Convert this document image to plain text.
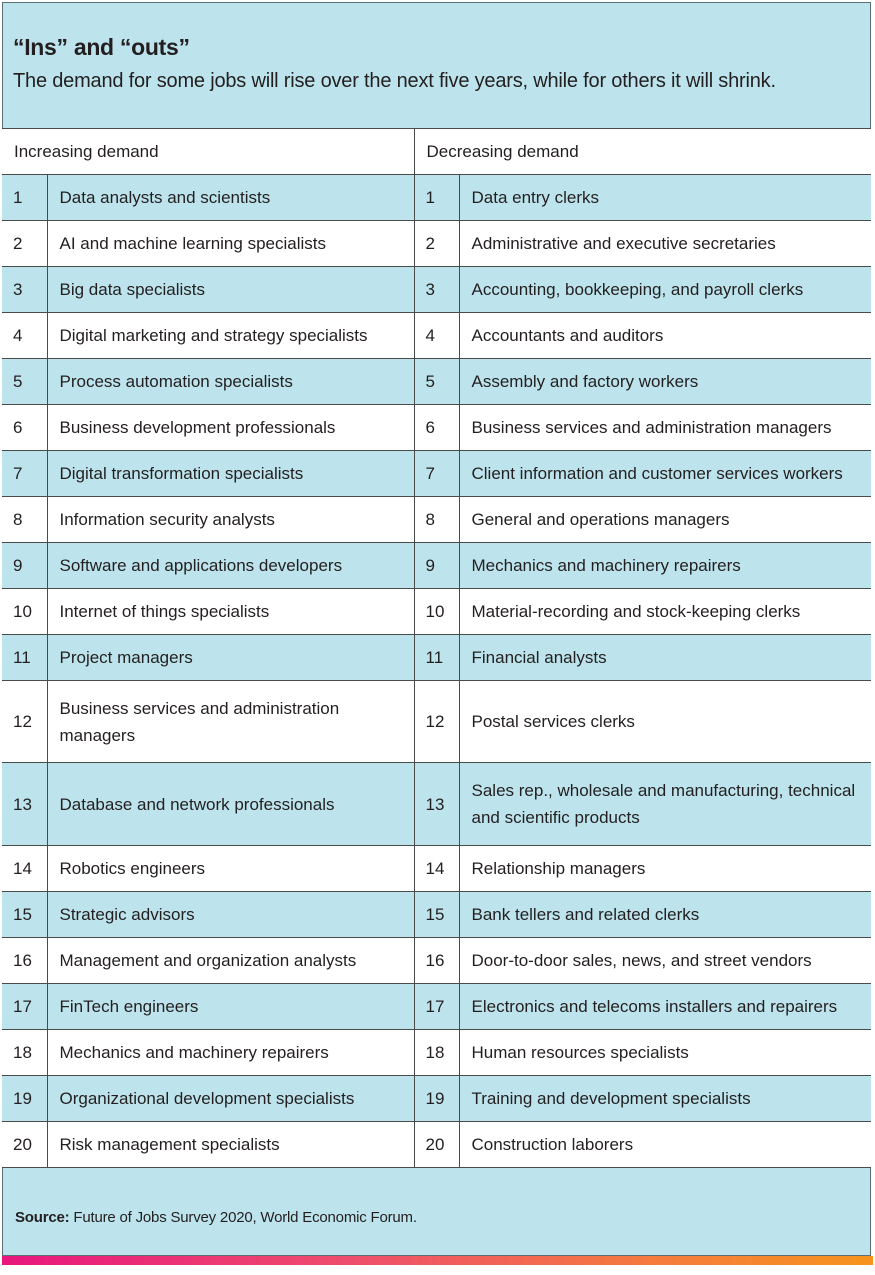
“Ins” and “outs”

The demand for some jobs will rise over the next five years, while for others it will shrink.

Increasing demand		Decreasing demand	
1	Data analysts and scientists	1	Data entry clerks
2	AI and machine learning specialists	2	Administrative and executive secretaries
3	Big data specialists	3	Accounting, bookkeeping, and payroll clerks
4	Digital marketing and strategy specialists	4	Accountants and auditors
5	Process automation specialists	5	Assembly and factory workers
6	Business development professionals	6	Business services and administration managers
7	Digital transformation specialists	7	Client information and customer services workers
8	Information security analysts	8	General and operations managers
9	Software and applications developers	9	Mechanics and machinery repairers
10	Internet of things specialists	10	Material-recording and stock-keeping clerks
11	Project managers	11	Financial analysts
12	Business services and administration managers	12	Postal services clerks
13	Database and network professionals	13	Sales rep., wholesale and manufacturing, technical and scientific products
14	Robotics engineers	14	Relationship managers
15	Strategic advisors	15	Bank tellers and related clerks
16	Management and organization analysts	16	Door-to-door sales, news, and street vendors
17	FinTech engineers	17	Electronics and telecoms installers and repairers
18	Mechanics and machinery repairers	18	Human resources specialists
19	Organizational development specialists	19	Training and development specialists
20	Risk management specialists	20	Construction laborers
Source: Future of Jobs Survey 2020, World Economic Forum.
